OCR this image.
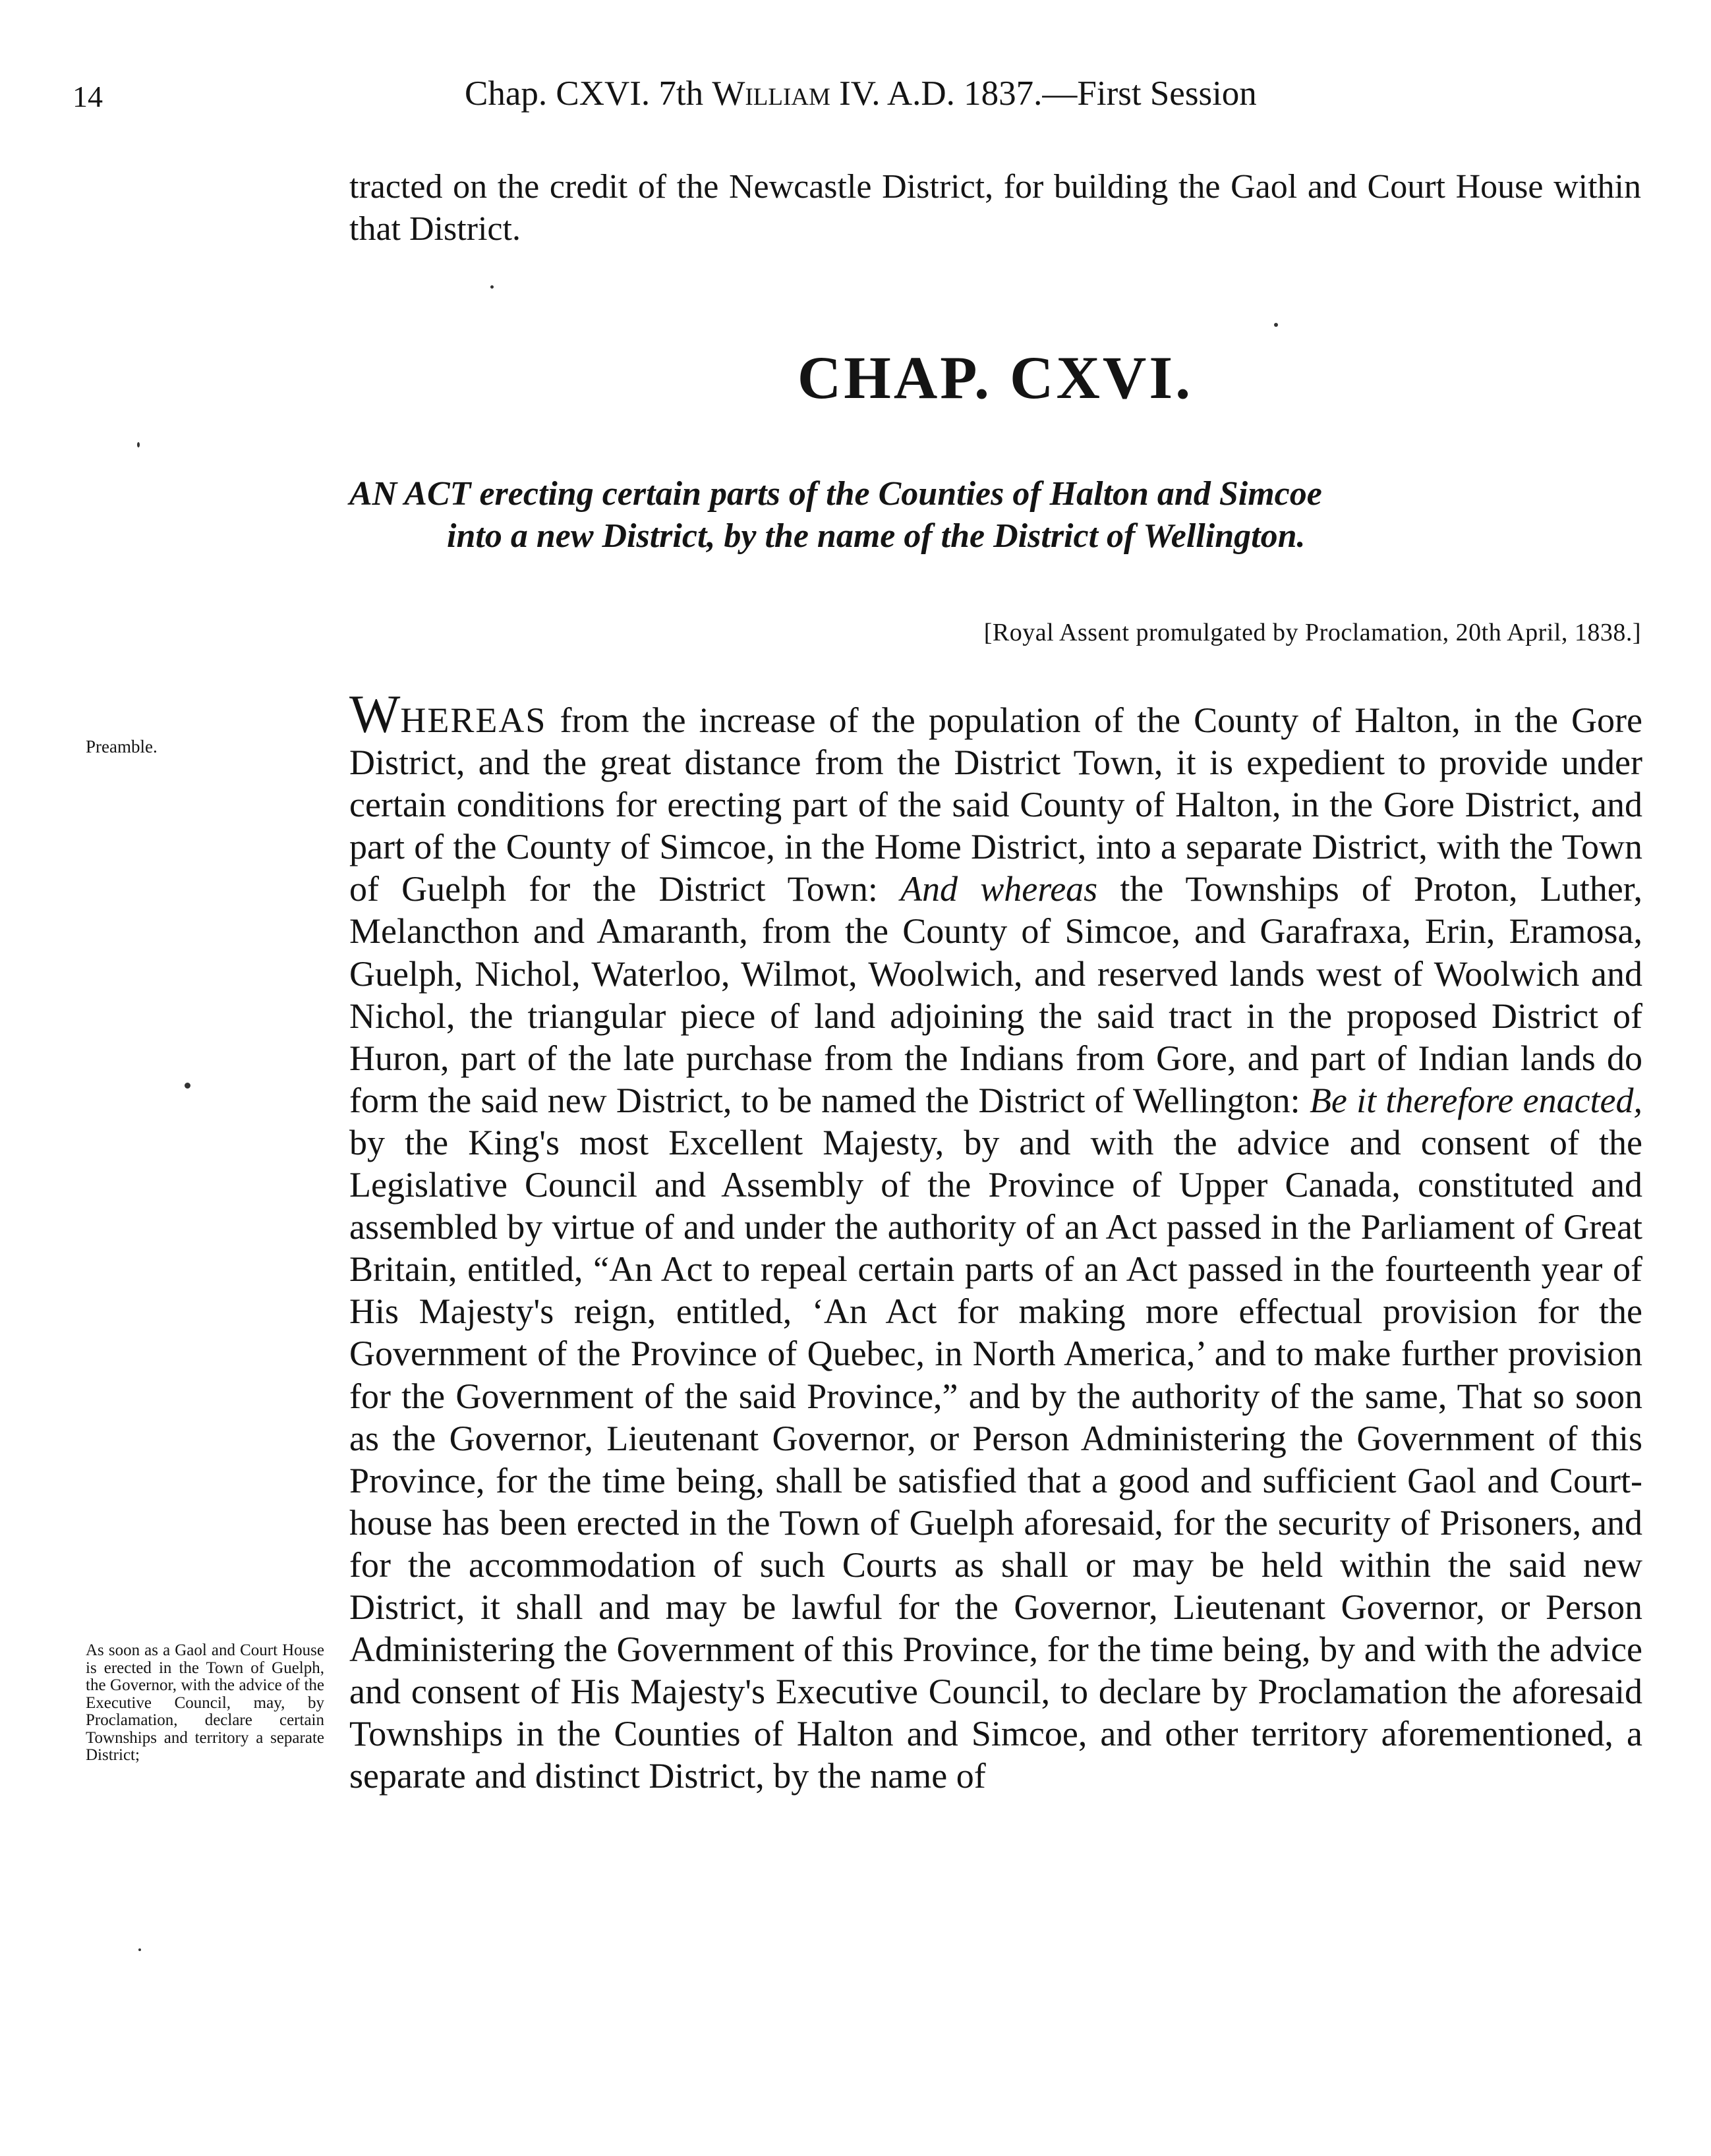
14	Chap. CXVI. 7th William IV. A.D. 1837.—First Session
tracted on the credit of the Newcastle District, for building the Gaol and Court House within that District.
CHAP. CXVI.
AN ACT erecting certain parts of the Counties of Halton and Simcoe
into a new District, by the name of the District of Wellington.
[Royal Assent promulgated by Proclamation, 20th April, 1838.]
Preamble.
As soon as a Gaol and Court House is erected in the Town of Guelph, the Governor, with the advice of the Executive Council, may, by Proclamation, declare certain Townships and territory a separate District;
WHEREAS from the increase of the population of the County of Halton, in the Gore District, and the great distance from the District Town, it is expedient to provide under certain conditions for erecting part of the said County of Halton, in the Gore District, and part of the County of Simcoe, in the Home District, into a separate District, with the Town of Guelph for the District Town: And whereas the Townships of Proton, Luther, Melancthon and Amaranth, from the County of Simcoe, and Garafraxa, Erin, Eramosa, Guelph, Nichol, Waterloo, Wilmot, Woolwich, and reserved lands west of Woolwich and Nichol, the triangular piece of land adjoining the said tract in the proposed District of Huron, part of the late purchase from the Indians from Gore, and part of Indian lands do form the said new District, to be named the District of Wellington: Be it therefore enacted, by the King's most Excellent Majesty, by and with the advice and consent of the Legislative Council and Assembly of the Province of Upper Canada, constituted and assembled by virtue of and under the authority of an Act passed in the Parliament of Great Britain, entitled, “An Act to repeal certain parts of an Act passed in the fourteenth year of His Majesty's reign, entitled, ‘An Act for making more effectual provision for the Government of the Province of Quebec, in North America,’ and to make further provision for the Government of the said Province,” and by the authority of the same, That so soon as the Governor, Lieutenant Governor, or Person Administering the Government of this Province, for the time being, shall be satisfied that a good and sufficient Gaol and Court-house has been erected in the Town of Guelph aforesaid, for the security of Prisoners, and for the accommodation of such Courts as shall or may be held within the said new District, it shall and may be lawful for the Governor, Lieutenant Governor, or Person Administering the Government of this Province, for the time being, by and with the advice and consent of His Majesty's Executive Council, to declare by Proclamation the aforesaid Townships in the Counties of Halton and Simcoe, and other territory aforementioned, a separate and distinct District, by the name of
